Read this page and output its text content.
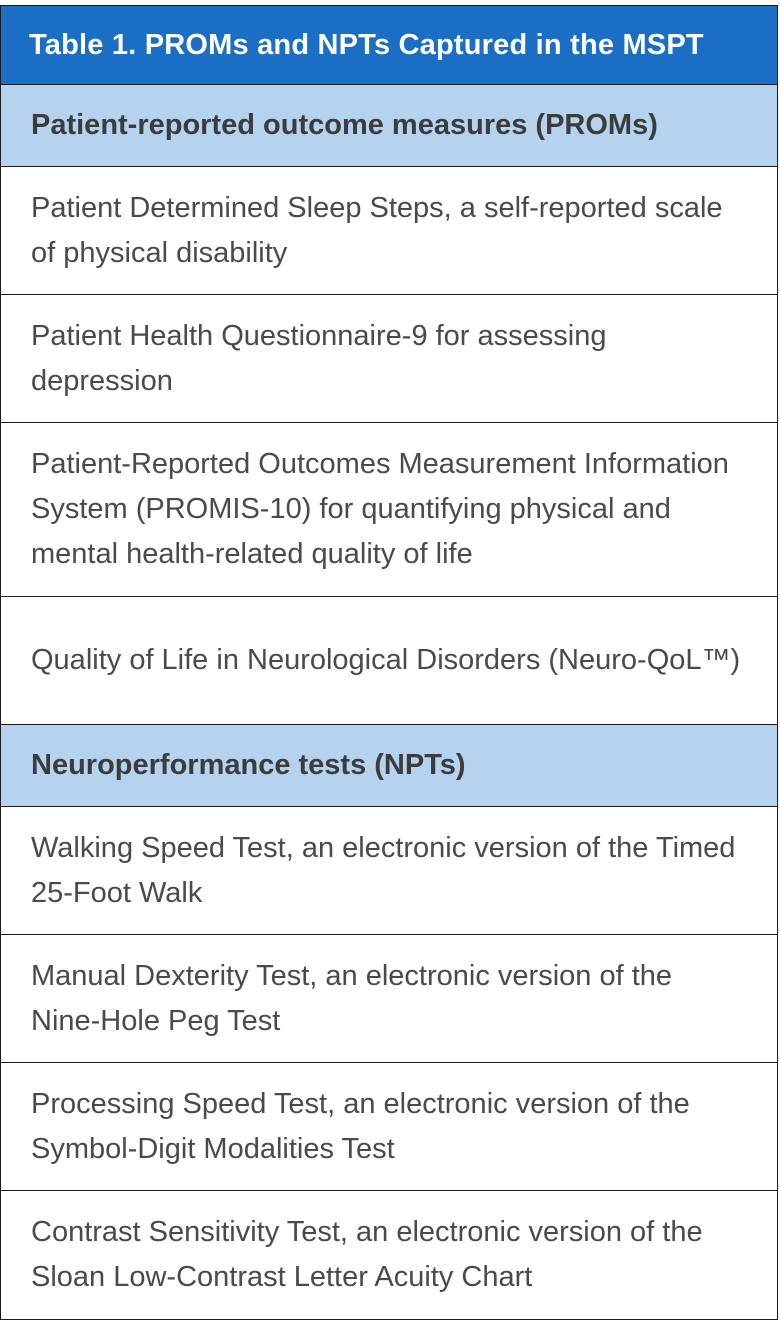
Table 1. PROMs and NPTs Captured in the MSPT
Patient-reported outcome measures (PROMs)
Patient Determined Sleep Steps, a self-reported scale of physical disability
Patient Health Questionnaire-9 for assessing depression
Patient-Reported Outcomes Measurement Information System (PROMIS-10) for quantifying physical and mental health-related quality of life
Quality of Life in Neurological Disorders (Neuro-QoL™)
Neuroperformance tests (NPTs)
Walking Speed Test, an electronic version of the Timed 25-Foot Walk
Manual Dexterity Test, an electronic version of the Nine-Hole Peg Test
Processing Speed Test, an electronic version of the Symbol-Digit Modalities Test
Contrast Sensitivity Test, an electronic version of the Sloan Low-Contrast Letter Acuity Chart
